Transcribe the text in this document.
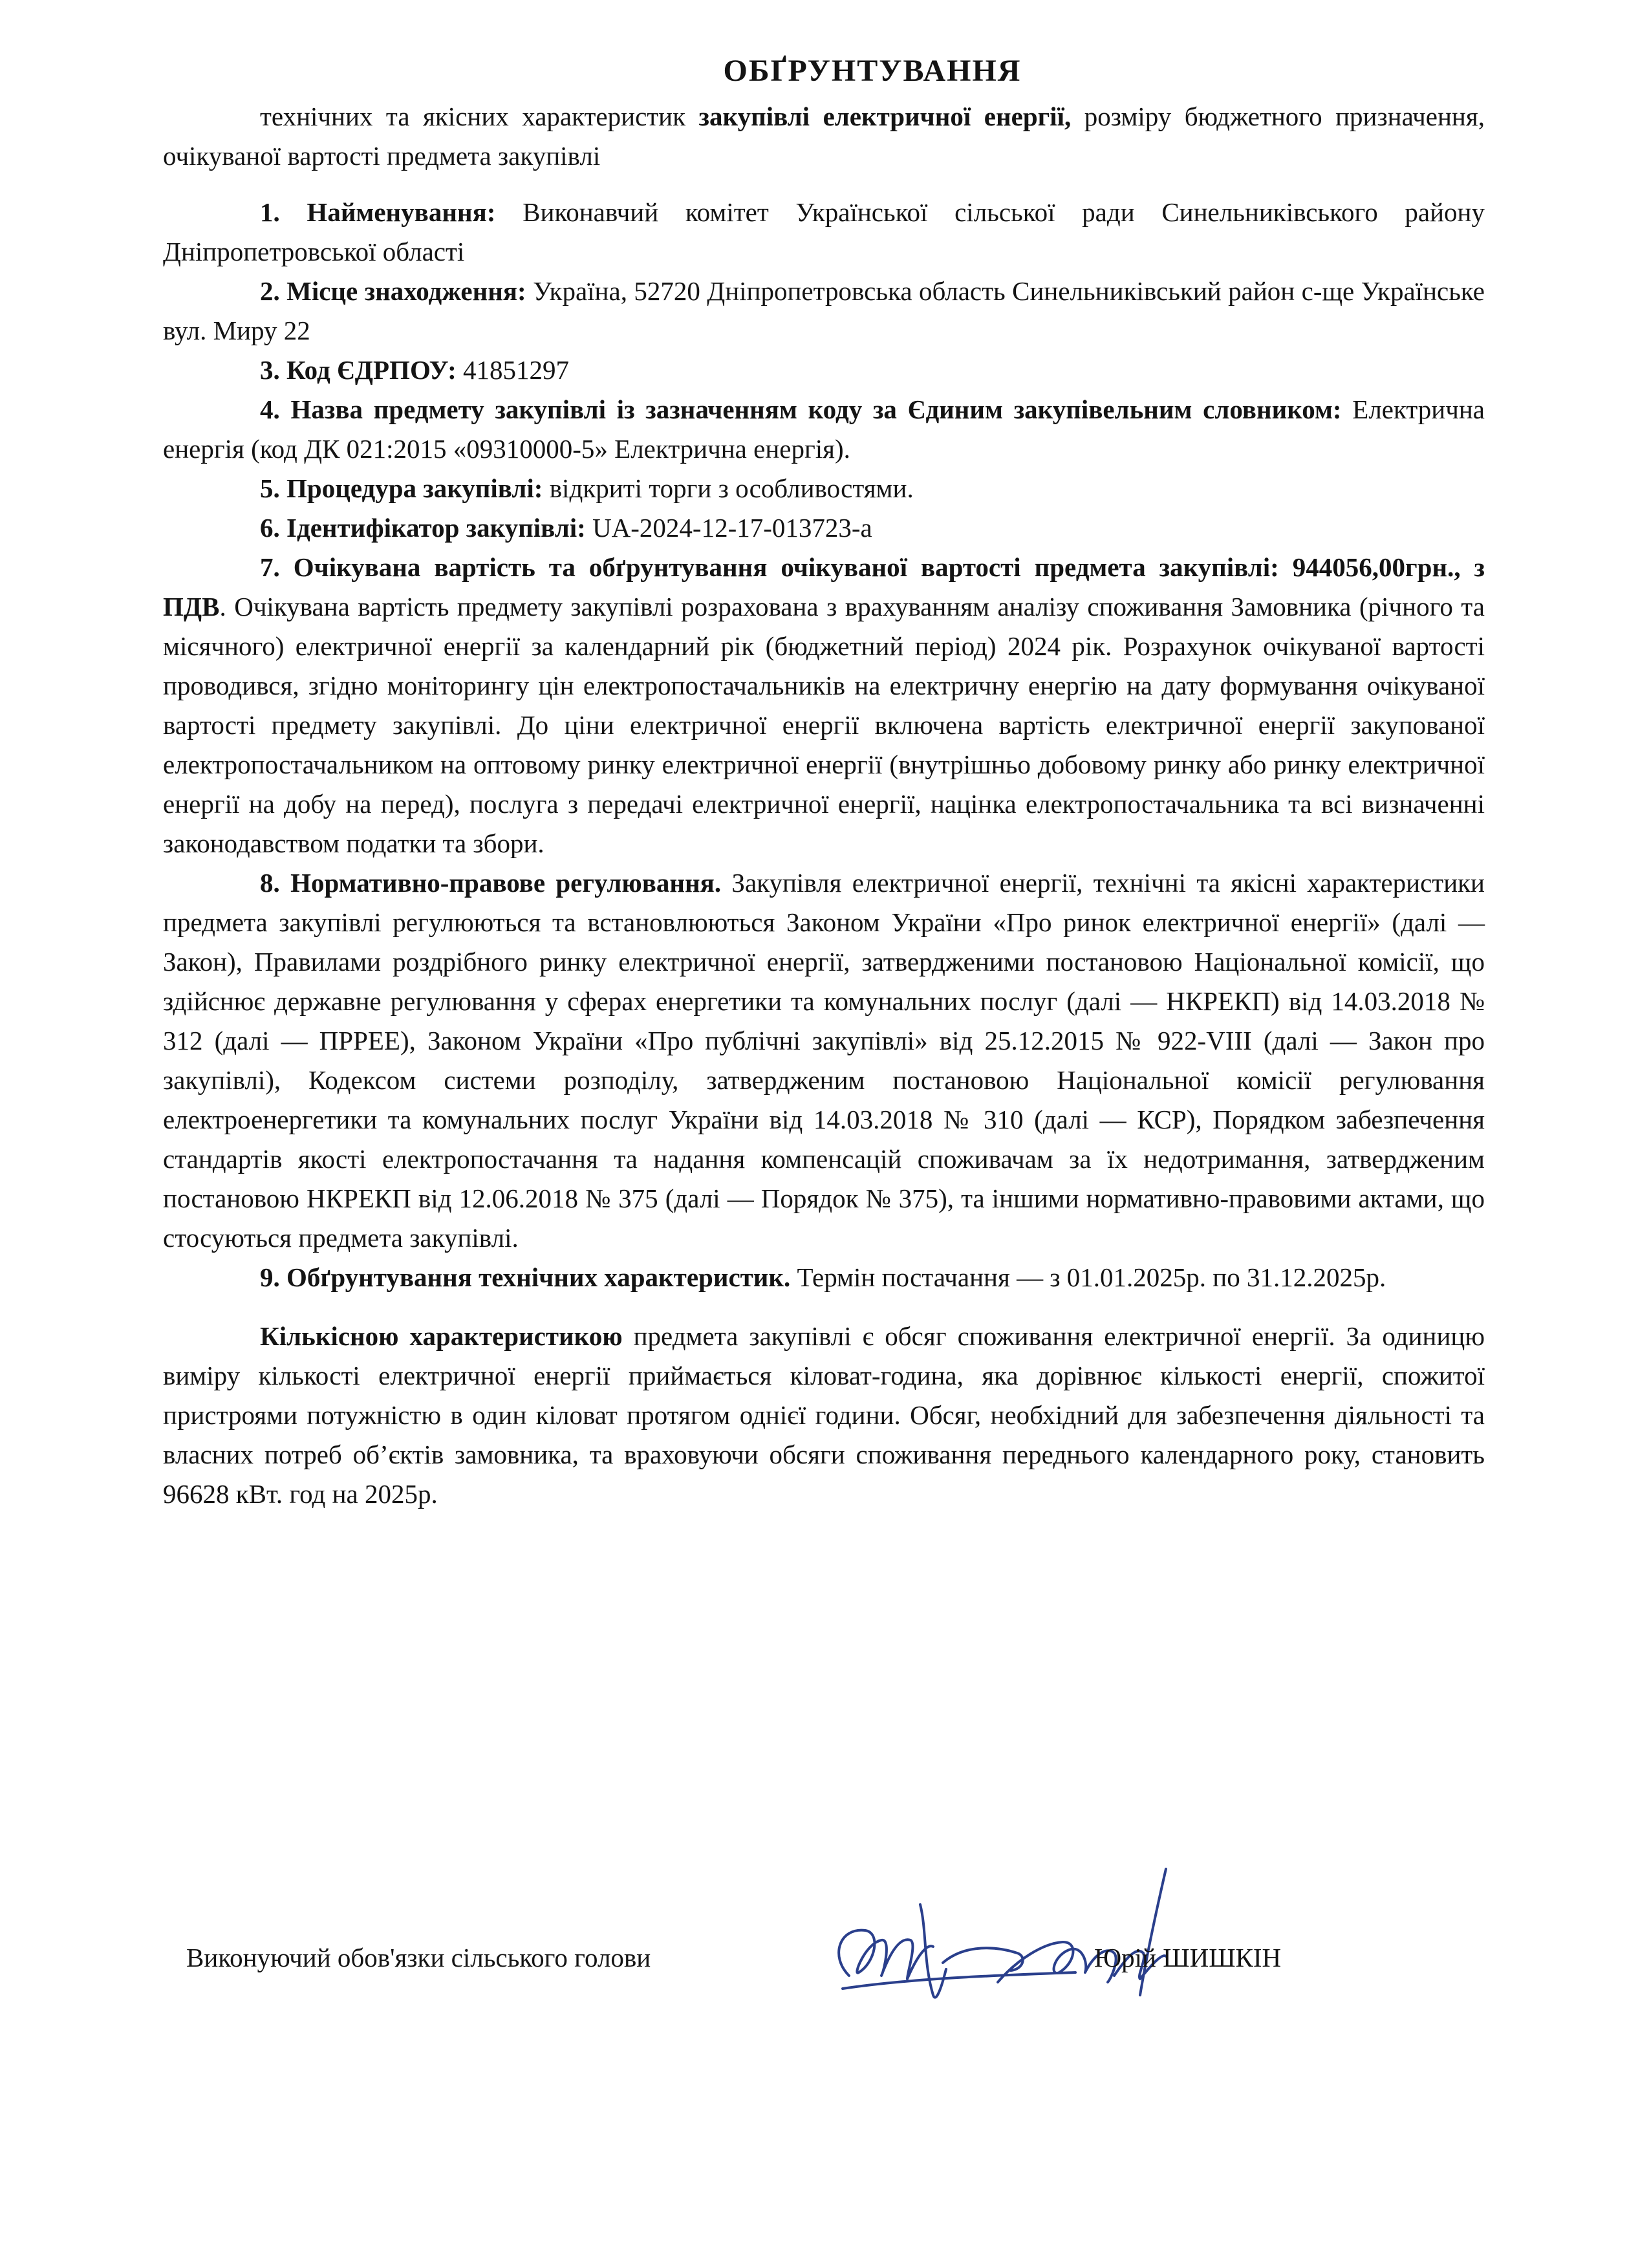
ОБҐРУНТУВАННЯ
технічних та якісних характеристик закупівлі електричної енергії, розміру бюджетного призначення, очікуваної вартості предмета закупівлі
1. Найменування: Виконавчий комітет Української сільської ради Синельниківського району Дніпропетровської області
2. Місце знаходження: Україна, 52720 Дніпропетровська область Синельниківський район с-ще Українське вул. Миру 22
3. Код ЄДРПОУ: 41851297
4. Назва предмету закупівлі із зазначенням коду за Єдиним закупівельним словником: Електрична енергія (код ДК 021:2015 «09310000-5» Електрична енергія).
5. Процедура закупівлі: відкриті торги з особливостями.
6. Ідентифікатор закупівлі: UA-2024-12-17-013723-a
7. Очікувана вартість та обґрунтування очікуваної вартості предмета закупівлі: 944056,00грн., з ПДВ. Очікувана вартість предмету закупівлі розрахована з врахуванням аналізу споживання Замовника (річного та місячного) електричної енергії за календарний рік (бюджетний період) 2024 рік. Розрахунок очікуваної вартості проводився, згідно моніторингу цін електропостачальників на електричну енергію на дату формування очікуваної вартості предмету закупівлі. До ціни електричної енергії включена вартість електричної енергії закупованої електропостачальником на оптовому ринку електричної енергії (внутрішньо добовому ринку або ринку електричної енергії на добу на перед), послуга з передачі електричної енергії, націнка електропостачальника та всі визначенні законодавством податки та збори.
8. Нормативно-правове регулювання. Закупівля електричної енергії, технічні та якісні характеристики предмета закупівлі регулюються та встановлюються Законом України «Про ринок електричної енергії» (далі — Закон), Правилами роздрібного ринку електричної енергії, затвердженими постановою Національної комісії, що здійснює державне регулювання у сферах енергетики та комунальних послуг (далі — НКРЕКП) від 14.03.2018 № 312 (далі — ПРРЕЕ), Законом України «Про публічні закупівлі» від 25.12.2015 № 922-VIII (далі — Закон про закупівлі), Кодексом системи розподілу, затвердженим постановою Національної комісії регулювання електроенергетики та комунальних послуг України від 14.03.2018 № 310 (далі — КСР), Порядком забезпечення стандартів якості електропостачання та надання компенсацій споживачам за їх недотримання, затвердженим постановою НКРЕКП від 12.06.2018 № 375 (далі — Порядок № 375), та іншими нормативно-правовими актами, що стосуються предмета закупівлі.
9. Обґрунтування технічних характеристик. Термін постачання — з 01.01.2025р. по 31.12.2025р.
Кількісною характеристикою предмета закупівлі є обсяг споживання електричної енергії. За одиницю виміру кількості електричної енергії приймається кіловат-година, яка дорівнює кількості енергії, спожитої пристроями потужністю в один кіловат протягом однієї години. Обсяг, необхідний для забезпечення діяльності та власних потреб об’єктів замовника, та враховуючи обсяги споживання переднього календарного року, становить 96628 кВт. год на 2025р.
Виконуючий обов'язки сільського голови	Юрій ШИШКІН
